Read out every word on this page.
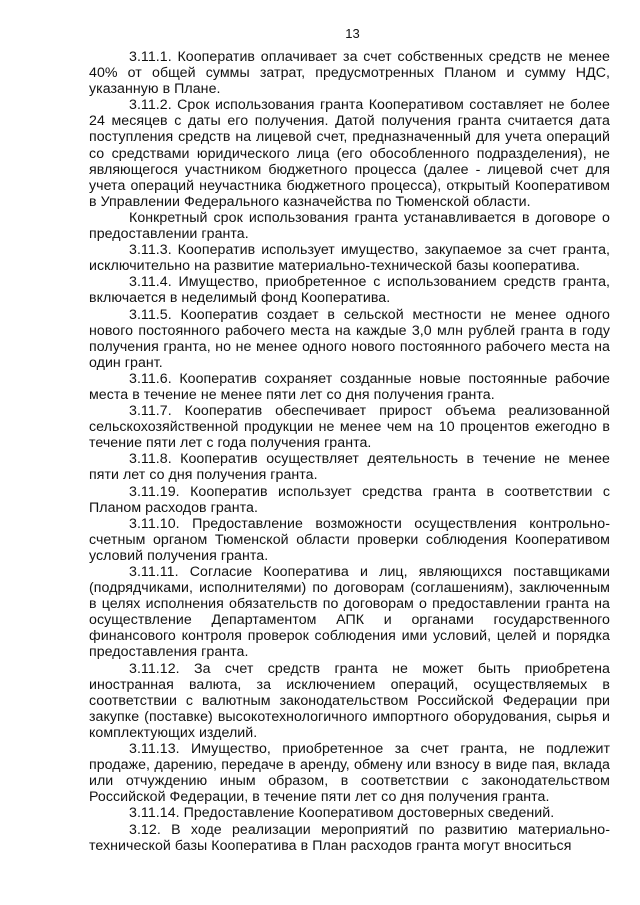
13

3.11.1. Кооператив оплачивает за счет собственных средств не менее 40% от общей суммы затрат, предусмотренных Планом и сумму НДС, указанную в Плане.

3.11.2. Срок использования гранта Кооперативом составляет не более 24 месяцев с даты его получения. Датой получения гранта считается дата поступления средств на лицевой счет, предназначенный для учета операций со средствами юридического лица (его обособленного подразделения), не являющегося участником бюджетного процесса (далее - лицевой счет для учета операций неучастника бюджетного процесса), открытый Кооперативом в Управлении Федерального казначейства по Тюменской области.

Конкретный срок использования гранта устанавливается в договоре о предоставлении гранта.

3.11.3. Кооператив использует имущество, закупаемое за счет гранта, исключительно на развитие материально-технической базы кооператива.

3.11.4. Имущество, приобретенное с использованием средств гранта, включается в неделимый фонд Кооператива.

3.11.5. Кооператив создает в сельской местности не менее одного нового постоянного рабочего места на каждые 3,0 млн рублей гранта в году получения гранта, но не менее одного нового постоянного рабочего места на один грант.

3.11.6. Кооператив сохраняет созданные новые постоянные рабочие места в течение не менее пяти лет со дня получения гранта.

3.11.7. Кооператив обеспечивает прирост объема реализованной сельскохозяйственной продукции не менее чем на 10 процентов ежегодно в течение пяти лет с года получения гранта.

3.11.8. Кооператив осуществляет деятельность в течение не менее пяти лет со дня получения гранта.

3.11.19. Кооператив использует средства гранта в соответствии с Планом расходов гранта.

3.11.10. Предоставление возможности осуществления контрольно-счетным органом Тюменской области проверки соблюдения Кооперативом условий получения гранта.

3.11.11. Согласие Кооператива и лиц, являющихся поставщиками (подрядчиками, исполнителями) по договорам (соглашениям), заключенным в целях исполнения обязательств по договорам о предоставлении гранта на осуществление Департаментом АПК и органами государственного финансового контроля проверок соблюдения ими условий, целей и порядка предоставления гранта.

3.11.12. За счет средств гранта не может быть приобретена иностранная валюта, за исключением операций, осуществляемых в соответствии с валютным законодательством Российской Федерации при закупке (поставке) высокотехнологичного импортного оборудования, сырья и комплектующих изделий.

3.11.13. Имущество, приобретенное за счет гранта, не подлежит продаже, дарению, передаче в аренду, обмену или взносу в виде пая, вклада или отчуждению иным образом, в соответствии с законодательством Российской Федерации, в течение пяти лет со дня получения гранта.

3.11.14. Предоставление Кооперативом достоверных сведений.

3.12. В ходе реализации мероприятий по развитию материально-технической базы Кооператива в План расходов гранта могут вноситься
